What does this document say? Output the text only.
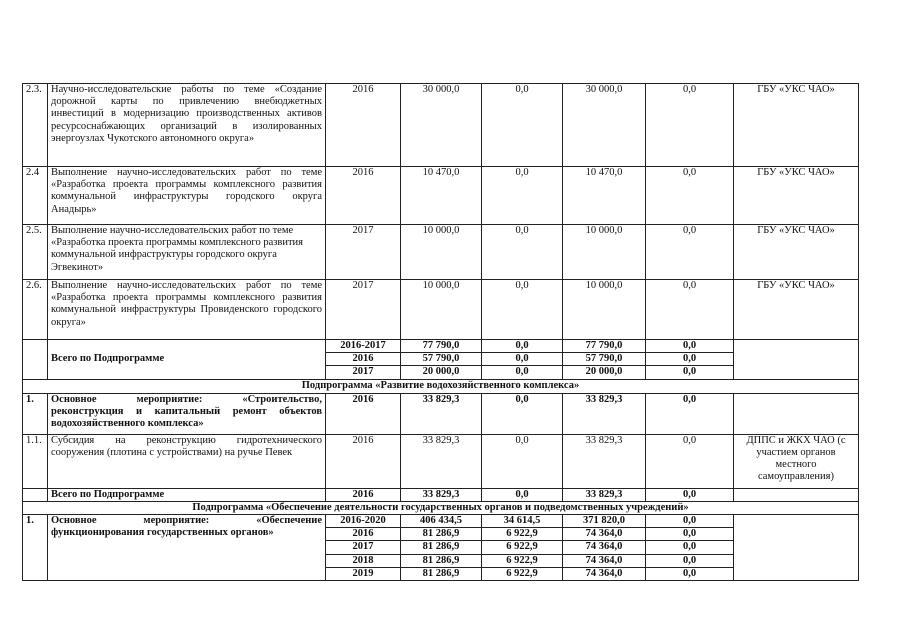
2.3.	Научно-исследовательские работы по теме «Создание дорожной карты по привлечению внебюджетных инвестиций в модернизацию производственных активов ресурсоснабжающих организаций в изолированных энергоузлах Чукотского автономного округа»	2016	30 000,0	0,0	30 000,0	0,0	ГБУ «УКС ЧАО»
2.4	Выполнение научно-исследовательских работ по теме «Разработка проекта программы комплексного развития коммунальной инфраструктуры городского округа Анадырь»	2016	10 470,0	0,0	10 470,0	0,0	ГБУ «УКС ЧАО»
2.5.	Выполнение научно-исследовательских работ по теме «Разработка проекта программы комплексного развития коммунальной инфраструктуры городского округа Эгвекинот»	2017	10 000,0	0,0	10 000,0	0,0	ГБУ «УКС ЧАО»
2.6.	Выполнение научно-исследовательских работ по теме «Разработка проекта программы комплексного развития коммунальной инфраструктуры Провиденского городского округа»	2017	10 000,0	0,0	10 000,0	0,0	ГБУ «УКС ЧАО»
	Всего по Подпрограмме	2016-2017	77 790,0	0,0	77 790,0	0,0	
		2016	57 790,0	0,0	57 790,0	0,0	
		2017	20 000,0	0,0	20 000,0	0,0	
Подпрограмма «Развитие водохозяйственного комплекса»							
1.	Основное мероприятие: «Строительство, реконструкция и капитальный ремонт объектов водохозяйственного комплекса»	2016	33 829,3	0,0	33 829,3	0,0	
1.1.	Субсидия на реконструкцию гидротехнического сооружения (плотина с устройствами) на ручье Певек	2016	33 829,3	0,0	33 829,3	0,0	ДППС и ЖКХ ЧАО (с участием органов местного самоуправления)
	Всего по Подпрограмме	2016	33 829,3	0,0	33 829,3	0,0	
Подпрограмма «Обеспечение деятельности государственных органов и подведомственных учреждений»							
1.	Основное мероприятие: «Обеспечение функционирования государственных органов»	2016-2020	406 434,5	34 614,5	371 820,0	0,0	
		2016	81 286,9	6 922,9	74 364,0	0,0	
		2017	81 286,9	6 922,9	74 364,0	0,0	
		2018	81 286,9	6 922,9	74 364,0	0,0	
		2019	81 286,9	6 922,9	74 364,0	0,0	
